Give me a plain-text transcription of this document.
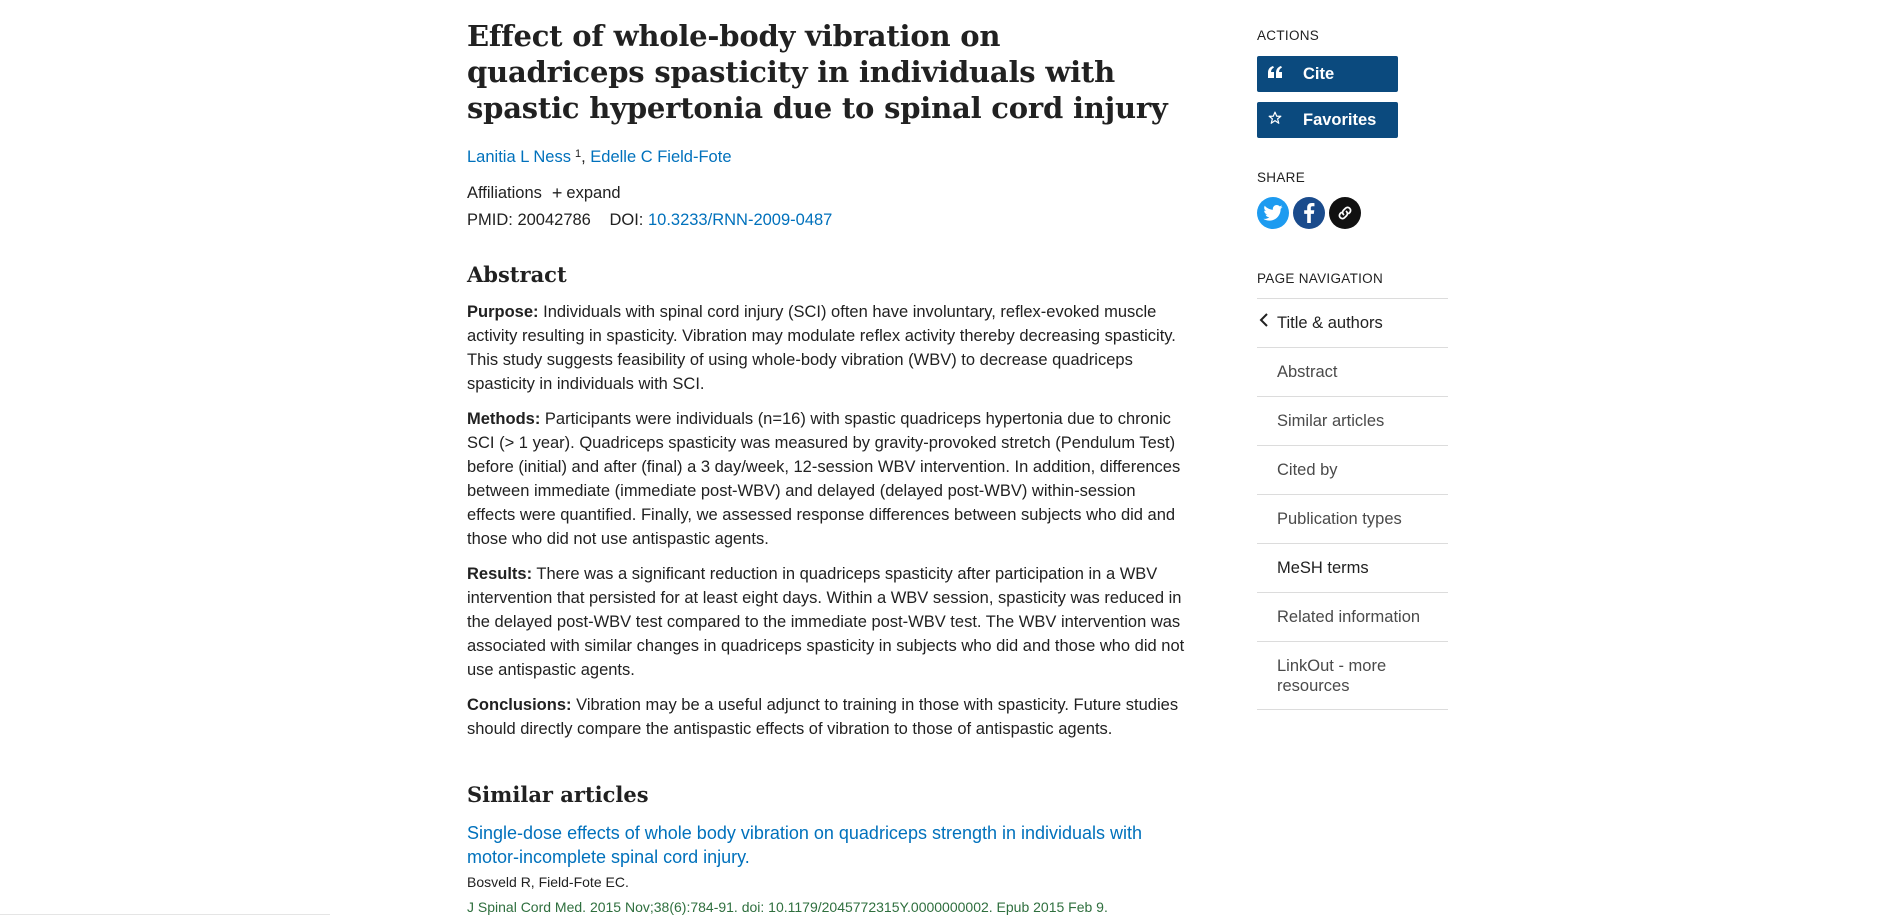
Effect of whole-body vibration on quadriceps spasticity in individuals with spastic hypertonia due to spinal cord injury
Lanitia L Ness $^1$, Edelle C Field-Fote
Affiliations + expand
PMID: 20042786 DOI: 10.3233/RNN-2009-0487
Abstract

Purpose: Individuals with spinal cord injury (SCI) often have involuntary, reflex-evoked muscle activity resulting in spasticity. Vibration may modulate reflex activity thereby decreasing spasticity. This study suggests feasibility of using whole-body vibration (WBV) to decrease quadriceps spasticity in individuals with SCI.

Methods: Participants were individuals (n=16) with spastic quadriceps hypertonia due to chronic SCI (> 1 year). Quadriceps spasticity was measured by gravity-provoked stretch (Pendulum Test) before (initial) and after (final) a 3 day/week, 12-session WBV intervention. In addition, differences between immediate (immediate post-WBV) and delayed (delayed post-WBV) within-session effects were quantified. Finally, we assessed response differences between subjects who did and those who did not use antispastic agents.

Results: There was a significant reduction in quadriceps spasticity after participation in a WBV intervention that persisted for at least eight days. Within a WBV session, spasticity was reduced in the delayed post-WBV test compared to the immediate post-WBV test. The WBV intervention was associated with similar changes in quadriceps spasticity in subjects who did and those who did not use antispastic agents.

Conclusions: Vibration may be a useful adjunct to training in those with spasticity. Future studies should directly compare the antispastic effects of vibration to those of antispastic agents.

Similar articles
Single-dose effects of whole body vibration on quadriceps strength in individuals with motor-incomplete spinal cord injury.
Bosveld R, Field-Fote EC.
J Spinal Cord Med. 2015 Nov;38(6):784-91. doi: 10.1179/2045772315Y.0000000002. Epub 2015 Feb 9.
ACTIONS
Cite
Favorites
SHARE
PAGE NAVIGATION
Title & authors
Abstract
Similar articles
Cited by
Publication types
MeSH terms
Related information
LinkOut - more resources
